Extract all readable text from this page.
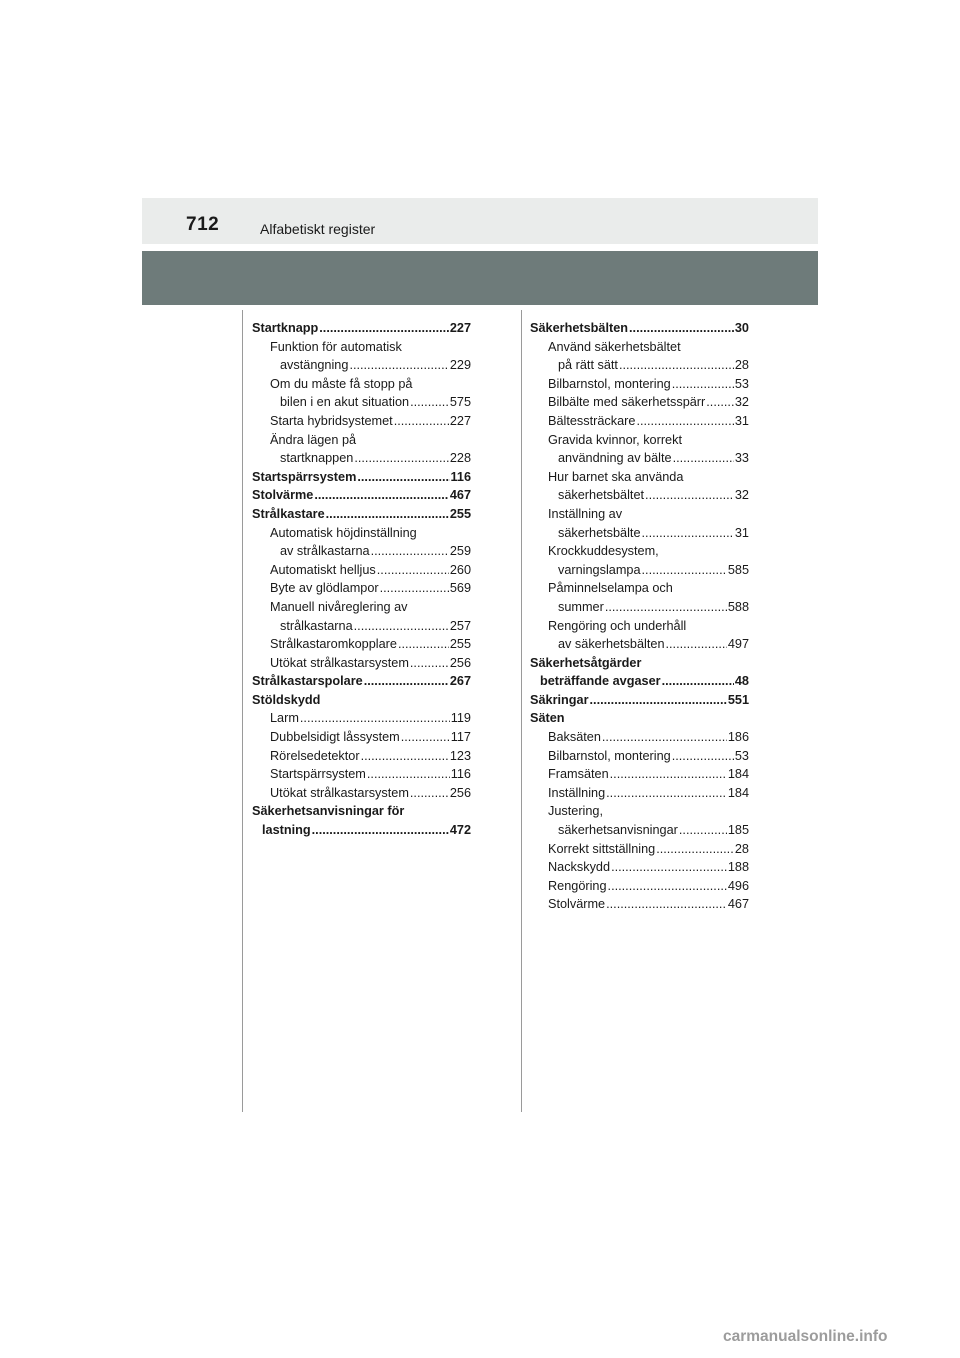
712	Alfabetiskt register
Startknapp .....	227
Funktion för automatisk
avstängning .....	229
Om du måste få stopp på
bilen i en akut situation .....	575
Starta hybridsystemet .....	227
Ändra lägen på
startknappen .....	228
Startspärrsystem .....	116
Stolvärme .....	467
Strålkastare .....	255
Automatisk höjdinställning
av strålkastarna .....	259
Automatiskt helljus .....	260
Byte av glödlampor .....	569
Manuell nivåreglering av
strålkastarna .....	257
Strålkastaromkopplare .....	255
Utökat strålkastarsystem .....	256
Strålkastarspolare .....	267
Stöldskydd
Larm .....	119
Dubbelsidigt låssystem .....	117
Rörelsedetektor .....	123
Startspärrsystem .....	116
Utökat strålkastarsystem .....	256
Säkerhetsanvisningar för
lastning .....	472
Säkerhetsbälten .....	30
Använd säkerhetsbältet
på rätt sätt .....	28
Bilbarnstol, montering .....	53
Bilbälte med säkerhetsspärr ..... 32
Bältessträckare .....	31
Gravida kvinnor, korrekt
användning av bälte .....	33
Hur barnet ska använda
säkerhetsbältet .....	32
Inställning av
säkerhetsbälte .....	31
Krockkuddesystem,
varningslampa .....	585
Påminnelselampa och
summer .....	588
Rengöring och underhåll
av säkerhetsbälten .....	497
Säkerhetsåtgärder
beträffande avgaser .....	48
Säkringar .....	551
Säten
Baksäten .....	186
Bilbarnstol, montering .....	53
Framsäten .....	184
Inställning .....	184
Justering,
säkerhetsanvisningar .....	185
Korrekt sittställning .....	28
Nackskydd .....	188
Rengöring .....	496
Stolvärme .....	467
carmanualsonline.info
